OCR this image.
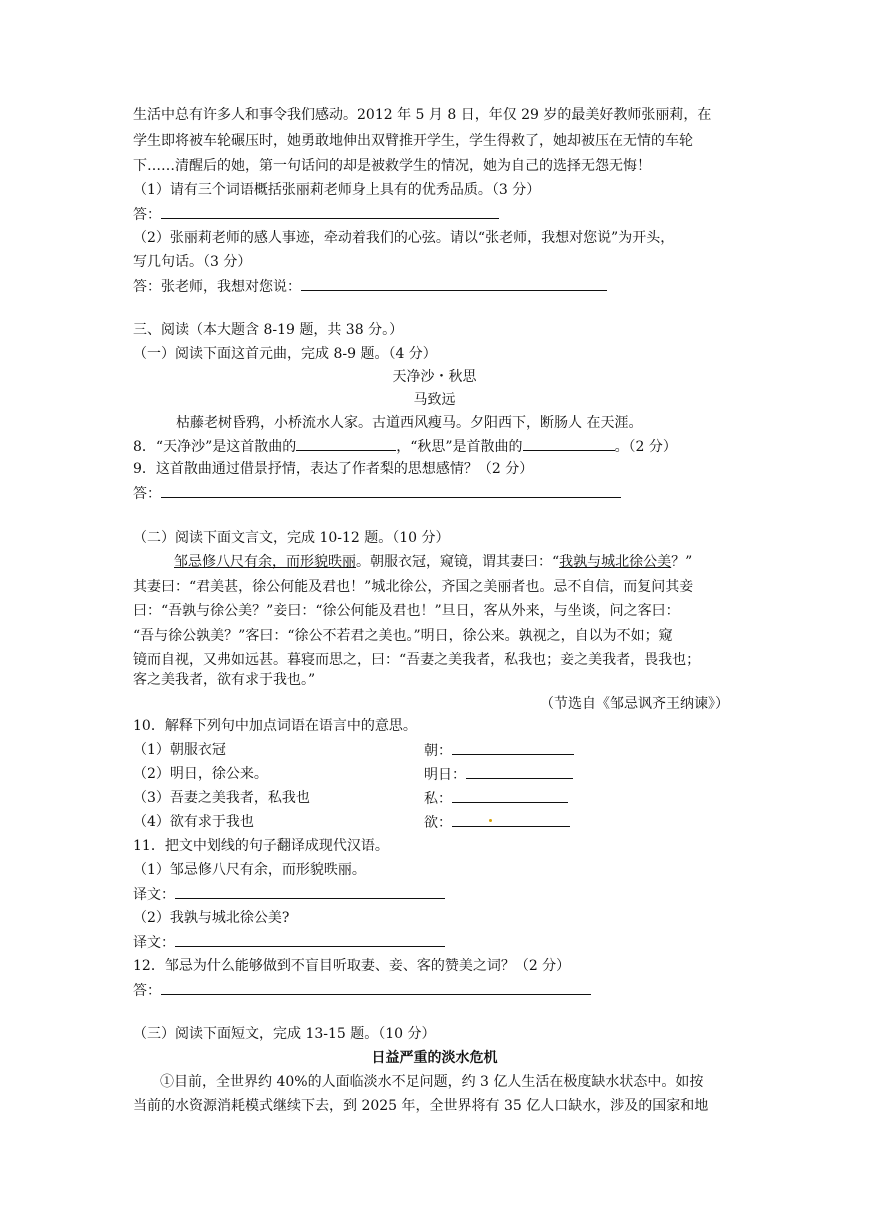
生活中总有许多人和事令我们感动。2012 年 5 月 8 日，年仅 29 岁的最美好教师张丽莉，在
学生即将被车轮碾压时，她勇敢地伸出双臂推开学生，学生得救了，她却被压在无情的车轮
下……清醒后的她，第一句话问的却是被救学生的情况，她为自己的选择无怨无悔！
（1）请有三个词语概括张丽莉老师身上具有的优秀品质。（3 分）
答：
（2）张丽莉老师的感人事迹，牵动着我们的心弦。请以“张老师，我想对您说”为开头，
写几句话。（3 分）
答：张老师，我想对您说：
三、阅读（本大题含 8-19 题，共 38 分。）
（一）阅读下面这首元曲，完成 8-9 题。（4 分）
天净沙・秋思
马致远
枯藤老树昏鸦，小桥流水人家。古道西风瘦马。夕阳西下，断肠人 在天涯。
8．“天净沙”是这首散曲的	，“秋思”是首散曲的	。（2 分）
9．这首散曲通过借景抒情，表达了作者梨的思想感情？（2 分）
答：
（二）阅读下面文言文，完成 10-12 题。（10 分）
邹忌修八尺有余，而形貌昳丽。朝服衣冠，窥镜，谓其妻曰：“我孰与城北徐公美？”
其妻曰：“君美甚，徐公何能及君也！”城北徐公，齐国之美丽者也。忌不自信，而复问其妾
曰：“吾孰与徐公美？”妾曰：“徐公何能及君也！”旦日，客从外来，与坐谈，问之客曰：
“吾与徐公孰美？”客曰：“徐公不若君之美也。”明日，徐公来。孰视之，自以为不如；窥
镜而自视，又弗如远甚。暮寝而思之，曰：“吾妻之美我者，私我也；妾之美我者，畏我也；
客之美我者，欲有求于我也。”
（节选自《邹忌讽齐王纳谏》）
10．解释下列句中加点词语在语言中的意思。
（1）朝服衣冠	朝：
（2）明日，徐公来。	明日：
（3）吾妻之美我者，私我也	私：
（4）欲有求于我也	欲：
11．把文中划线的句子翻译成现代汉语。
（1）邹忌修八尺有余，而形貌昳丽。
译文：
（2）我孰与城北徐公美?
译文：
12．邹忌为什么能够做到不盲目听取妻、妾、客的赞美之词？（2 分）
答：
（三）阅读下面短文，完成 13-15 题。（10 分）
日益严重的淡水危机
①目前，全世界约 40%的人面临淡水不足问题，约 3 亿人生活在极度缺水状态中。如按
当前的水资源消耗模式继续下去，到 2025 年，全世界将有 35 亿人口缺水，涉及的国家和地
